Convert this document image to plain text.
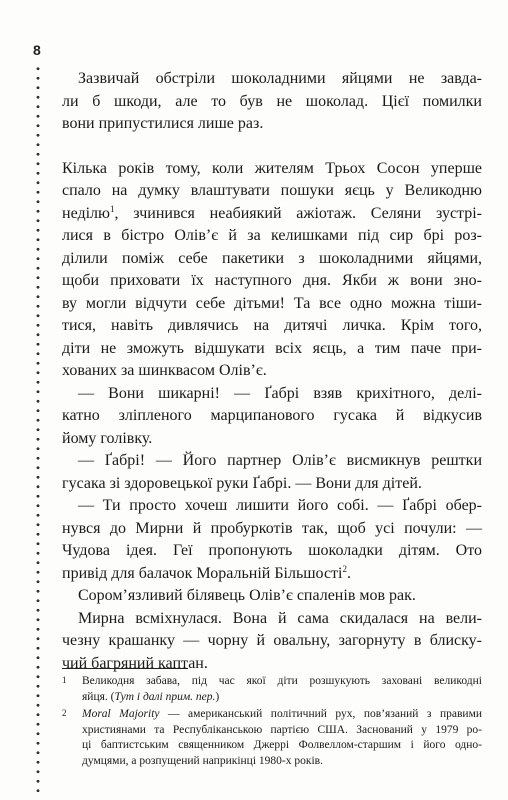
8
Зазвичай обстріли шоколадними яйцями не завда-
ли б шкоди, але то був не шоколад. Цієї помилки
вони припустилися лише раз.
Кілька років тому, коли жителям Трьох Сосон уперше
спало на думку влаштувати пошуки яєць у Великодню
неділю$^1$, зчинився неабиякий ажіотаж. Селяни зустрі-
лися в бістро Олів’є й за келишками під сир брі роз-
ділили поміж себе пакетики з шоколадними яйцями,
щоби приховати їх наступного дня. Якби ж вони зно-
ву могли відчути себе дітьми! Та все одно можна тіши-
тися, навіть дивлячись на дитячі личка. Крім того,
діти не зможуть відшукати всіх яєць, а тим паче при-
хованих за шинквасом Олів’є.
— Вони шикарні! — Ґабрі взяв крихітного, делі-
катно зліпленого марципанового гусака й відкусив
йому голівку.
— Ґабрі! — Його партнер Олів’є висмикнув рештки
гусака зі здоровецької руки Ґабрі. — Вони для дітей.
— Ти просто хочеш лишити його собі. — Ґабрі обер-
нувся до Мирни й пробуркотів так, щоб усі почули: —
Чудова ідея. Геї пропонують шоколадки дітям. Ото
привід для балачок Моральній Більшості$^2$.
Сором’язливий білявець Олів’є спаленів мов рак.
Мирна всміхнулася. Вона й сама скидалася на вели-
чезну крашанку — чорну й овальну, загорнуту в блиску-
чий багряний каптан.
1 Великодня забава, під час якої діти розшукують заховані великодні
яйця. (Тут і далі прим. пер.)
2 Moral Majority — американський політичний рух, пов’язаний з правими
християнами та Республіканською партією США. Заснований у 1979 ро-
ці баптистським священником Джеррі Фолвеллом-старшим і його одно-
думцями, а розпущений наприкінці 1980-х років.
